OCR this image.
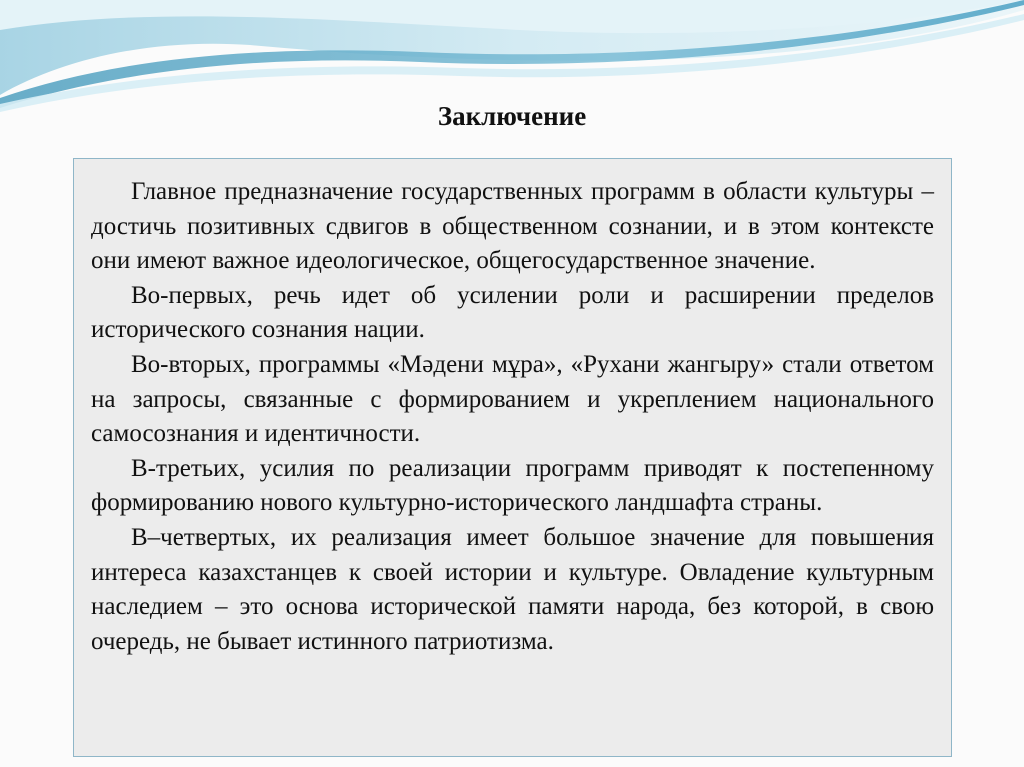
Заключение

Главное предназначение государственных программ в области культуры – достичь позитивных сдвигов в общественном сознании, и в этом контексте они имеют важное идеологическое, общегосударственное значение.

Во-первых, речь идет об усилении роли и расширении пределов исторического сознания нации.

Во-вторых, программы «Мәдени мұра», «Рухани жангыру» стали ответом на запросы, связанные с формированием и укреплением национального самосознания и идентичности.

В-третьих, усилия по реализации программ приводят к постепенному формированию нового культурно-исторического ландшафта страны.

В–четвертых, их реализация имеет большое значение для повышения интереса казахстанцев к своей истории и культуре. Овладение культурным наследием – это основа исторической памяти народа, без которой, в свою очередь, не бывает истинного патриотизма.
